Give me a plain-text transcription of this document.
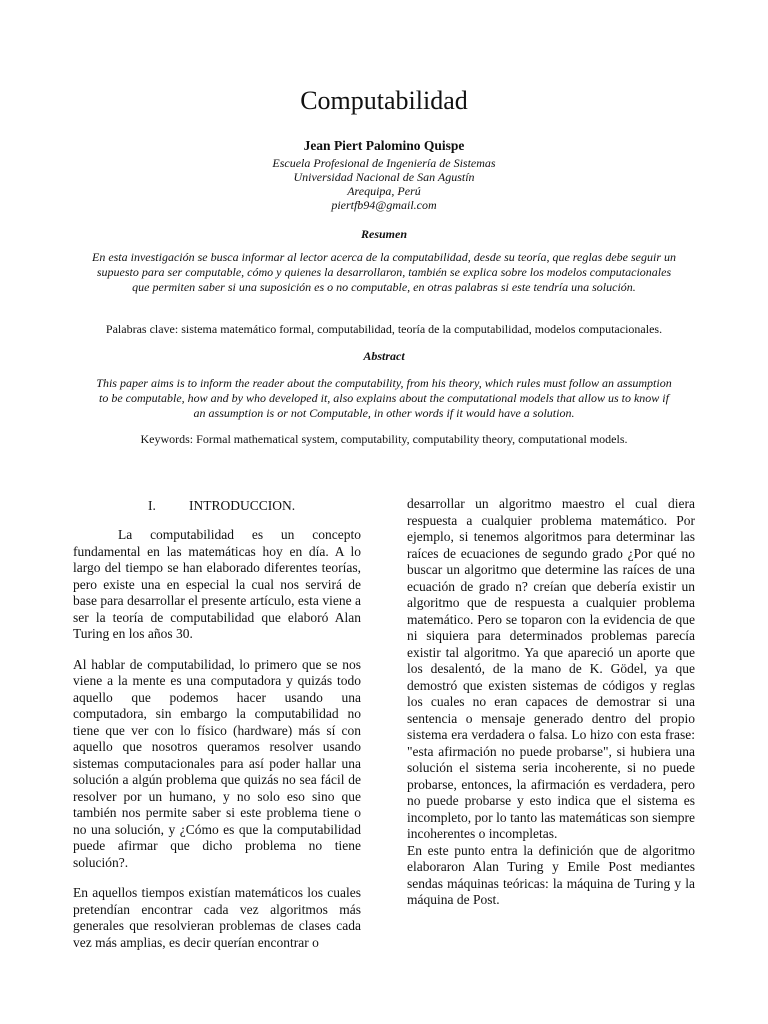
Computabilidad
Jean Piert Palomino Quispe
Escuela Profesional de Ingeniería de Sistemas
Universidad Nacional de San Agustín
Arequipa, Perú
piertfb94@gmail.com
Resumen
En esta investigación se busca informar al lector acerca de la computabilidad, desde su teoría, que reglas debe seguir un supuesto para ser computable, cómo y quienes la desarrollaron, también se explica sobre los modelos computacionales que permiten saber si una suposición es o no computable, en otras palabras si este tendría una solución.
Palabras clave: sistema matemático formal, computabilidad, teoría de la computabilidad, modelos computacionales.
Abstract
This paper aims is to inform the reader about the computability, from his theory, which rules must follow an assumption to be computable, how and by who developed it, also explains about the computational models that allow us to know if an assumption is or not Computable, in other words if it would have a solution.
Keywords: Formal mathematical system, computability, computability theory, computational models.
I. INTRODUCCION.

La computabilidad es un concepto fundamental en las matemáticas hoy en día. A lo largo del tiempo se han elaborado diferentes teorías, pero existe una en especial la cual nos servirá de base para desarrollar el presente artículo, esta viene a ser la teoría de computabilidad que elaboró Alan Turing en los años 30.

Al hablar de computabilidad, lo primero que se nos viene a la mente es una computadora y quizás todo aquello que podemos hacer usando una computadora, sin embargo la computabilidad no tiene que ver con lo físico (hardware) más sí con aquello que nosotros queramos resolver usando sistemas computacionales para así poder hallar una solución a algún problema que quizás no sea fácil de resolver por un humano, y no solo eso sino que también nos permite saber si este problema tiene o no una solución, y ¿Cómo es que la computabilidad puede afirmar que dicho problema no tiene solución?.

En aquellos tiempos existían matemáticos los cuales pretendían encontrar cada vez algoritmos más generales que resolvieran problemas de clases cada vez más amplias, es decir querían encontrar o

desarrollar un algoritmo maestro el cual diera respuesta a cualquier problema matemático. Por ejemplo, si tenemos algoritmos para determinar las raíces de ecuaciones de segundo grado ¿Por qué no buscar un algoritmo que determine las raíces de una ecuación de grado n? creían que debería existir un algoritmo que de respuesta a cualquier problema matemático. Pero se toparon con la evidencia de que ni siquiera para determinados problemas parecía existir tal algoritmo. Ya que apareció un aporte que los desalentó, de la mano de K. Gödel, ya que demostró que existen sistemas de códigos y reglas los cuales no eran capaces de demostrar si una sentencia o mensaje generado dentro del propio sistema era verdadera o falsa. Lo hizo con esta frase: "esta afirmación no puede probarse", si hubiera una solución el sistema seria incoherente, si no puede probarse, entonces, la afirmación es verdadera, pero no puede probarse y esto indica que el sistema es incompleto, por lo tanto las matemáticas son siempre incoherentes o incompletas.

En este punto entra la definición que de algoritmo elaboraron Alan Turing y Emile Post mediantes sendas máquinas teóricas: la máquina de Turing y la máquina de Post.
